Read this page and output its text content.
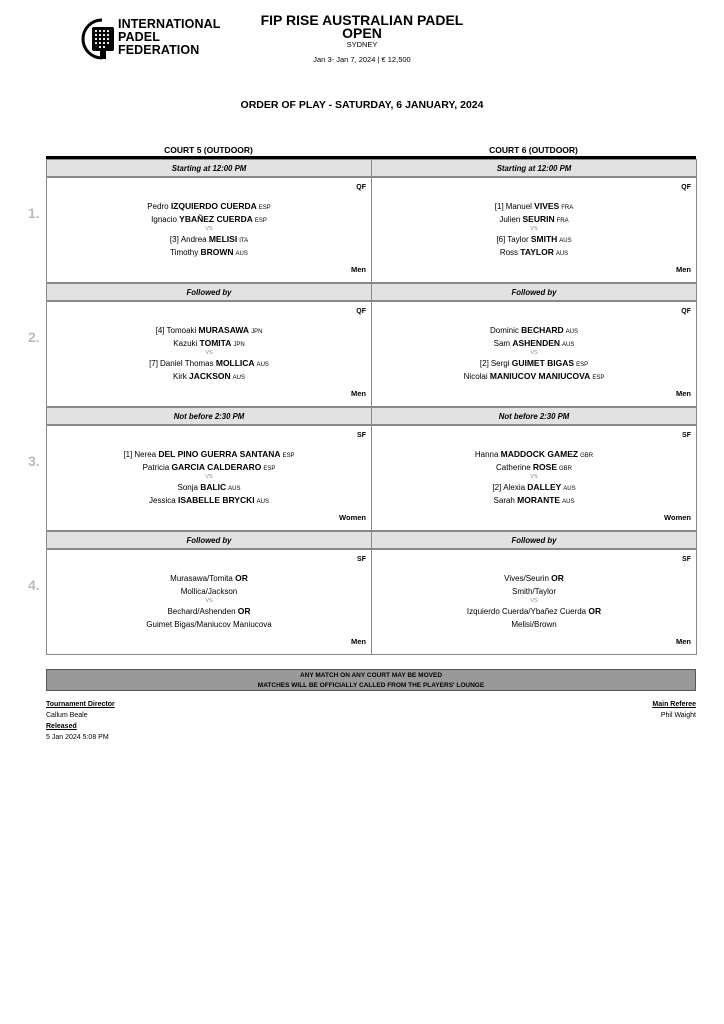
INTERNATIONAL
PADEL
FEDERATION
FIP RISE AUSTRALIAN PADEL
OPEN
SYDNEY
Jan 3- Jan 7, 2024 | € 12,500
ORDER OF PLAY - SATURDAY, 6 JANUARY, 2024
COURT 5 (OUTDOOR)	COURT 6 (OUTDOOR)
1.
Starting at 12:00 PM
QF
Men
Pedro IZQUIERDO CUERDA ESP
Ignacio YBAÑEZ CUERDA ESP
VS
[3] Andrea MELISI ITA
Timothy BROWN AUS
Starting at 12:00 PM
QF
Men
[1] Manuel VIVES FRA
Julien SEURIN FRA
VS
[6] Taylor SMITH AUS
Ross TAYLOR AUS
2.
Followed by
QF
Men
[4] Tomoaki MURASAWA JPN
Kazuki TOMITA JPN
VS
[7] Daniel Thomas MOLLICA AUS
Kirk JACKSON AUS
Followed by
QF
Men
Dominic BECHARD AUS
Sam ASHENDEN AUS
VS
[2] Sergi GUIMET BIGAS ESP
Nicolai MANIUCOV MANIUCOVA ESP
3.
Not before 2:30 PM
SF
Women
[1] Nerea DEL PINO GUERRA SANTANA ESP
Patricia GARCIA CALDERARO ESP
VS
Sonja BALIC AUS
Jessica ISABELLE BRYCKI AUS
Not before 2:30 PM
SF
Women
Hanna MADDOCK GAMEZ GBR
Catherine ROSE GBR
VS
[2] Alexia DALLEY AUS
Sarah MORANTE AUS
4.
Followed by
SF
Men
Murasawa/Tomita OR
Mollica/Jackson
VS
Bechard/Ashenden OR
Guimet Bigas/Maniucov Maniucova
Followed by
SF
Men
Vives/Seurin OR
Smith/Taylor
VS
Izquierdo Cuerda/Ybañez Cuerda OR
Melisi/Brown
ANY MATCH ON ANY COURT MAY BE MOVED
MATCHES WILL BE OFFICIALLY CALLED FROM THE PLAYERS' LOUNGE
Tournament Director
Callum Beale
Released
5 Jan 2024 5:08 PM
Main Referee
Phil Waight
